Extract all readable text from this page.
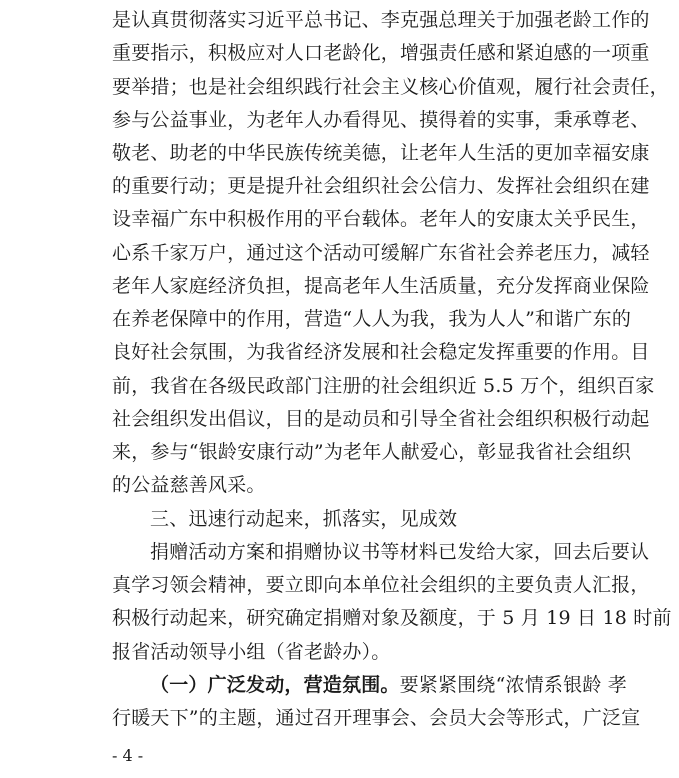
是认真贯彻落实习近平总书记、李克强总理关于加强老龄工作的
重要指示，积极应对人口老龄化，增强责任感和紧迫感的一项重
要举措；也是社会组织践行社会主义核心价值观，履行社会责任，
参与公益事业，为老年人办看得见、摸得着的实事，秉承尊老、
敬老、助老的中华民族传统美德，让老年人生活的更加幸福安康
的重要行动；更是提升社会组织社会公信力、发挥社会组织在建
设幸福广东中积极作用的平台载体。老年人的安康太关乎民生，
心系千家万户，通过这个活动可缓解广东省社会养老压力，减轻
老年人家庭经济负担，提高老年人生活质量，充分发挥商业保险
在养老保障中的作用，营造“人人为我，我为人人”和谐广东的
良好社会氛围，为我省经济发展和社会稳定发挥重要的作用。目
前，我省在各级民政部门注册的社会组织近 5.5 万个，组织百家
社会组织发出倡议，目的是动员和引导全省社会组织积极行动起
来，参与“银龄安康行动”为老年人献爱心，彰显我省社会组织
的公益慈善风采。
三、迅速行动起来，抓落实，见成效
捐赠活动方案和捐赠协议书等材料已发给大家，回去后要认
真学习领会精神，要立即向本单位社会组织的主要负责人汇报，
积极行动起来，研究确定捐赠对象及额度，于 5 月 19 日 18 时前
报省活动领导小组（省老龄办）。
（一）广泛发动，营造氛围。要紧紧围绕“浓情系银龄 孝
行暖天下”的主题，通过召开理事会、会员大会等形式，广泛宣
- 4 -
